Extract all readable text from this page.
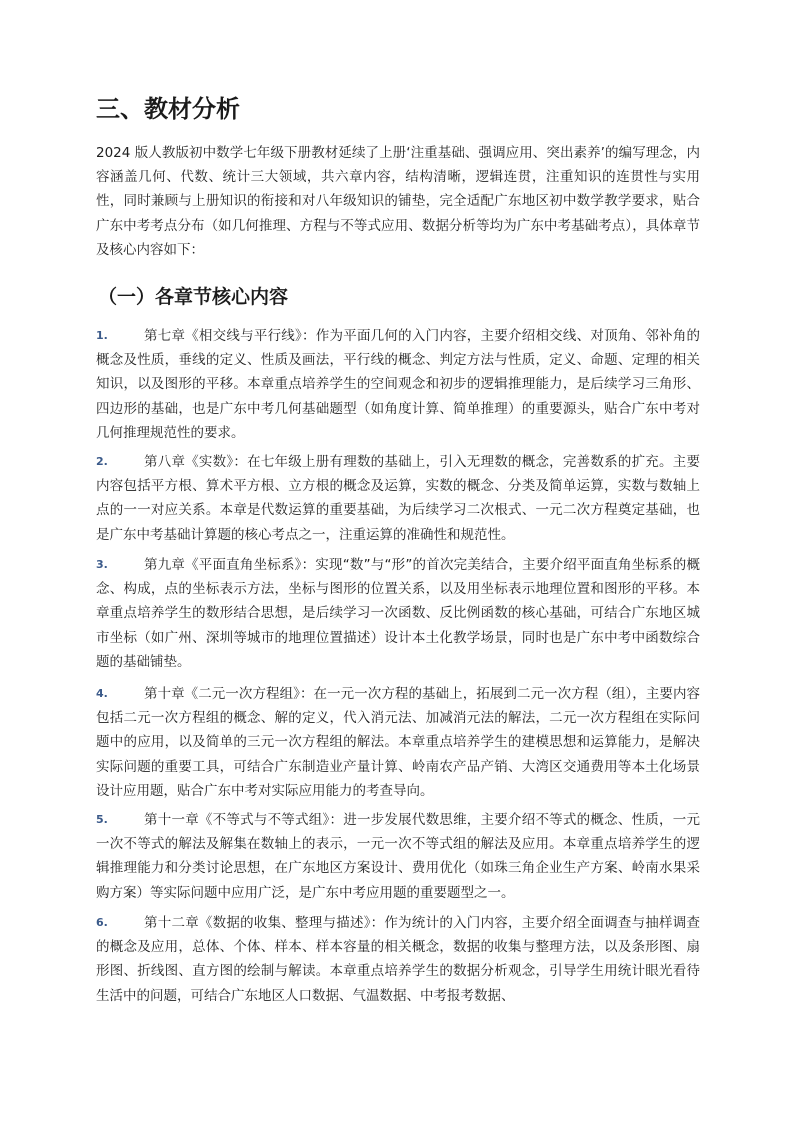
三、教材分析

2024 版人教版初中数学七年级下册教材延续了上册‘注重基础、强调应用、突出素养’的编写理念，内容涵盖几何、代数、统计三大领域，共六章内容，结构清晰，逻辑连贯，注重知识的连贯性与实用性，同时兼顾与上册知识的衔接和对八年级知识的铺垫，完全适配广东地区初中数学教学要求，贴合广东中考考点分布（如几何推理、方程与不等式应用、数据分析等均为广东中考基础考点），具体章节及核心内容如下：

（一）各章节核心内容
1.	第七章《相交线与平行线》：作为平面几何的入门内容，主要介绍相交线、对顶角、邻补角的概念及性质，垂线的定义、性质及画法，平行线的概念、判定方法与性质，定义、命题、定理的相关知识，以及图形的平移。本章重点培养学生的空间观念和初步的逻辑推理能力，是后续学习三角形、四边形的基础，也是广东中考几何基础题型（如角度计算、简单推理）的重要源头，贴合广东中考对几何推理规范性的要求。

2.	第八章《实数》：在七年级上册有理数的基础上，引入无理数的概念，完善数系的扩充。主要内容包括平方根、算术平方根、立方根的概念及运算，实数的概念、分类及简单运算，实数与数轴上点的一一对应关系。本章是代数运算的重要基础，为后续学习二次根式、一元二次方程奠定基础，也是广东中考基础计算题的核心考点之一，注重运算的准确性和规范性。

3.	第九章《平面直角坐标系》：实现“数”与“形”的首次完美结合，主要介绍平面直角坐标系的概念、构成，点的坐标表示方法，坐标与图形的位置关系，以及用坐标表示地理位置和图形的平移。本章重点培养学生的数形结合思想，是后续学习一次函数、反比例函数的核心基础，可结合广东地区城市坐标（如广州、深圳等城市的地理位置描述）设计本土化教学场景，同时也是广东中考中函数综合题的基础铺垫。

4.	第十章《二元一次方程组》：在一元一次方程的基础上，拓展到二元一次方程（组），主要内容包括二元一次方程组的概念、解的定义，代入消元法、加减消元法的解法，二元一次方程组在实际问题中的应用，以及简单的三元一次方程组的解法。本章重点培养学生的建模思想和运算能力，是解决实际问题的重要工具，可结合广东制造业产量计算、岭南农产品产销、大湾区交通费用等本土化场景设计应用题，贴合广东中考对实际应用能力的考查导向。

5.	第十一章《不等式与不等式组》：进一步发展代数思维，主要介绍不等式的概念、性质，一元一次不等式的解法及解集在数轴上的表示，一元一次不等式组的解法及应用。本章重点培养学生的逻辑推理能力和分类讨论思想，在广东地区方案设计、费用优化（如珠三角企业生产方案、岭南水果采购方案）等实际问题中应用广泛，是广东中考应用题的重要题型之一。

6.	第十二章《数据的收集、整理与描述》：作为统计的入门内容，主要介绍全面调查与抽样调查的概念及应用，总体、个体、样本、样本容量的相关概念，数据的收集与整理方法，以及条形图、扇形图、折线图、直方图的绘制与解读。本章重点培养学生的数据分析观念，引导学生用统计眼光看待生活中的问题，可结合广东地区人口数据、气温数据、中考报考数据、
